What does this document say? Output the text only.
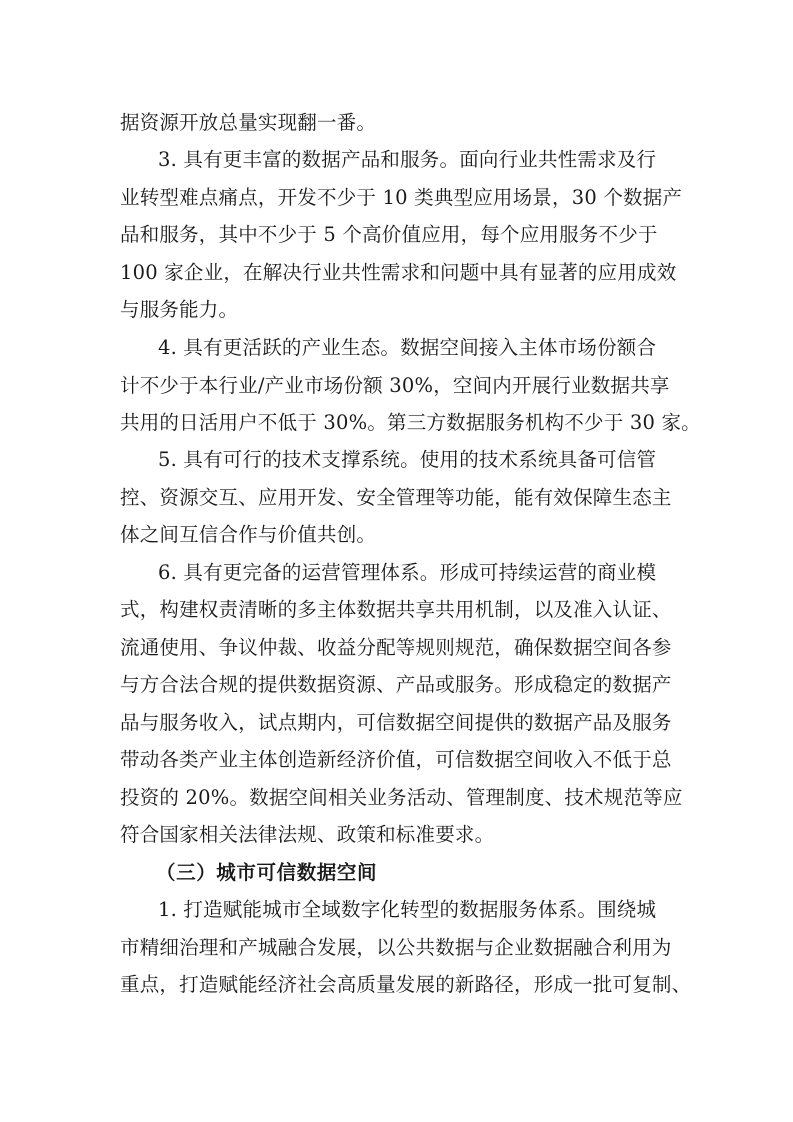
据资源开放总量实现翻一番。
3. 具有更丰富的数据产品和服务。面向行业共性需求及行
业转型难点痛点，开发不少于 10 类典型应用场景，30 个数据产
品和服务，其中不少于 5 个高价值应用，每个应用服务不少于
100 家企业，在解决行业共性需求和问题中具有显著的应用成效
与服务能力。
4. 具有更活跃的产业生态。数据空间接入主体市场份额合
计不少于本行业/产业市场份额 30%，空间内开展行业数据共享
共用的日活用户不低于 30%。第三方数据服务机构不少于 30 家。
5. 具有可行的技术支撑系统。使用的技术系统具备可信管
控、资源交互、应用开发、安全管理等功能，能有效保障生态主
体之间互信合作与价值共创。
6. 具有更完备的运营管理体系。形成可持续运营的商业模
式，构建权责清晰的多主体数据共享共用机制，以及准入认证、
流通使用、争议仲裁、收益分配等规则规范，确保数据空间各参
与方合法合规的提供数据资源、产品或服务。形成稳定的数据产
品与服务收入，试点期内，可信数据空间提供的数据产品及服务
带动各类产业主体创造新经济价值，可信数据空间收入不低于总
投资的 20%。数据空间相关业务活动、管理制度、技术规范等应
符合国家相关法律法规、政策和标准要求。
（三）城市可信数据空间
1. 打造赋能城市全域数字化转型的数据服务体系。围绕城
市精细治理和产城融合发展，以公共数据与企业数据融合利用为
重点，打造赋能经济社会高质量发展的新路径，形成一批可复制、
